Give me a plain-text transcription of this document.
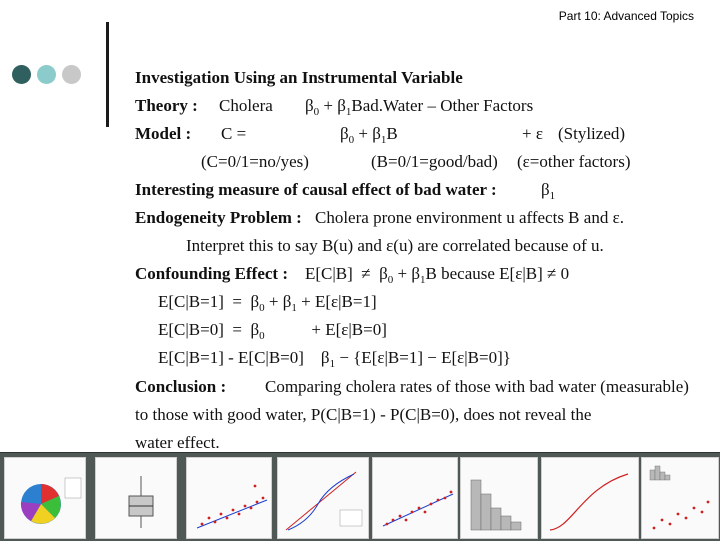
Part 10: Advanced Topics
Investigation Using an Instrumental Variable
Theory : Cholera $\beta_0$ + $\beta_1Bad.Water$ – Other Factors
Model : C =	$\beta_0 + \beta_1B$	+ ε (Stylized)
(C=0/1=no/yes)	(B=0/1=good/bad) (ε=other factors)
Interesting measure of causal effect of bad water :	$\beta_1$
Endogeneity Problem : Cholera prone environment u affects B and ε.
Interpret this to say B(u) and ε(u) are correlated because of u.
Confounding Effect : $E[C|B] \ne \beta_0 + \beta_1B$ because E[ε|B] ≠ 0
$E[C|B=1] = \beta_0 + \beta_1 + E[\varepsilon|B=1]$
$E[C|B=0] = \beta_0$           + E[ε|B=0]
E[C|B=1] - E[C|B=0]    $\beta_1 - \{E[\varepsilon|B=1] - E[\varepsilon|B=0]\}$
Conclusion : Comparing cholera rates of those with bad water (measurable)
to those with good water, P(C|B=1) - P(C|B=0), does not reveal the
water effect.
